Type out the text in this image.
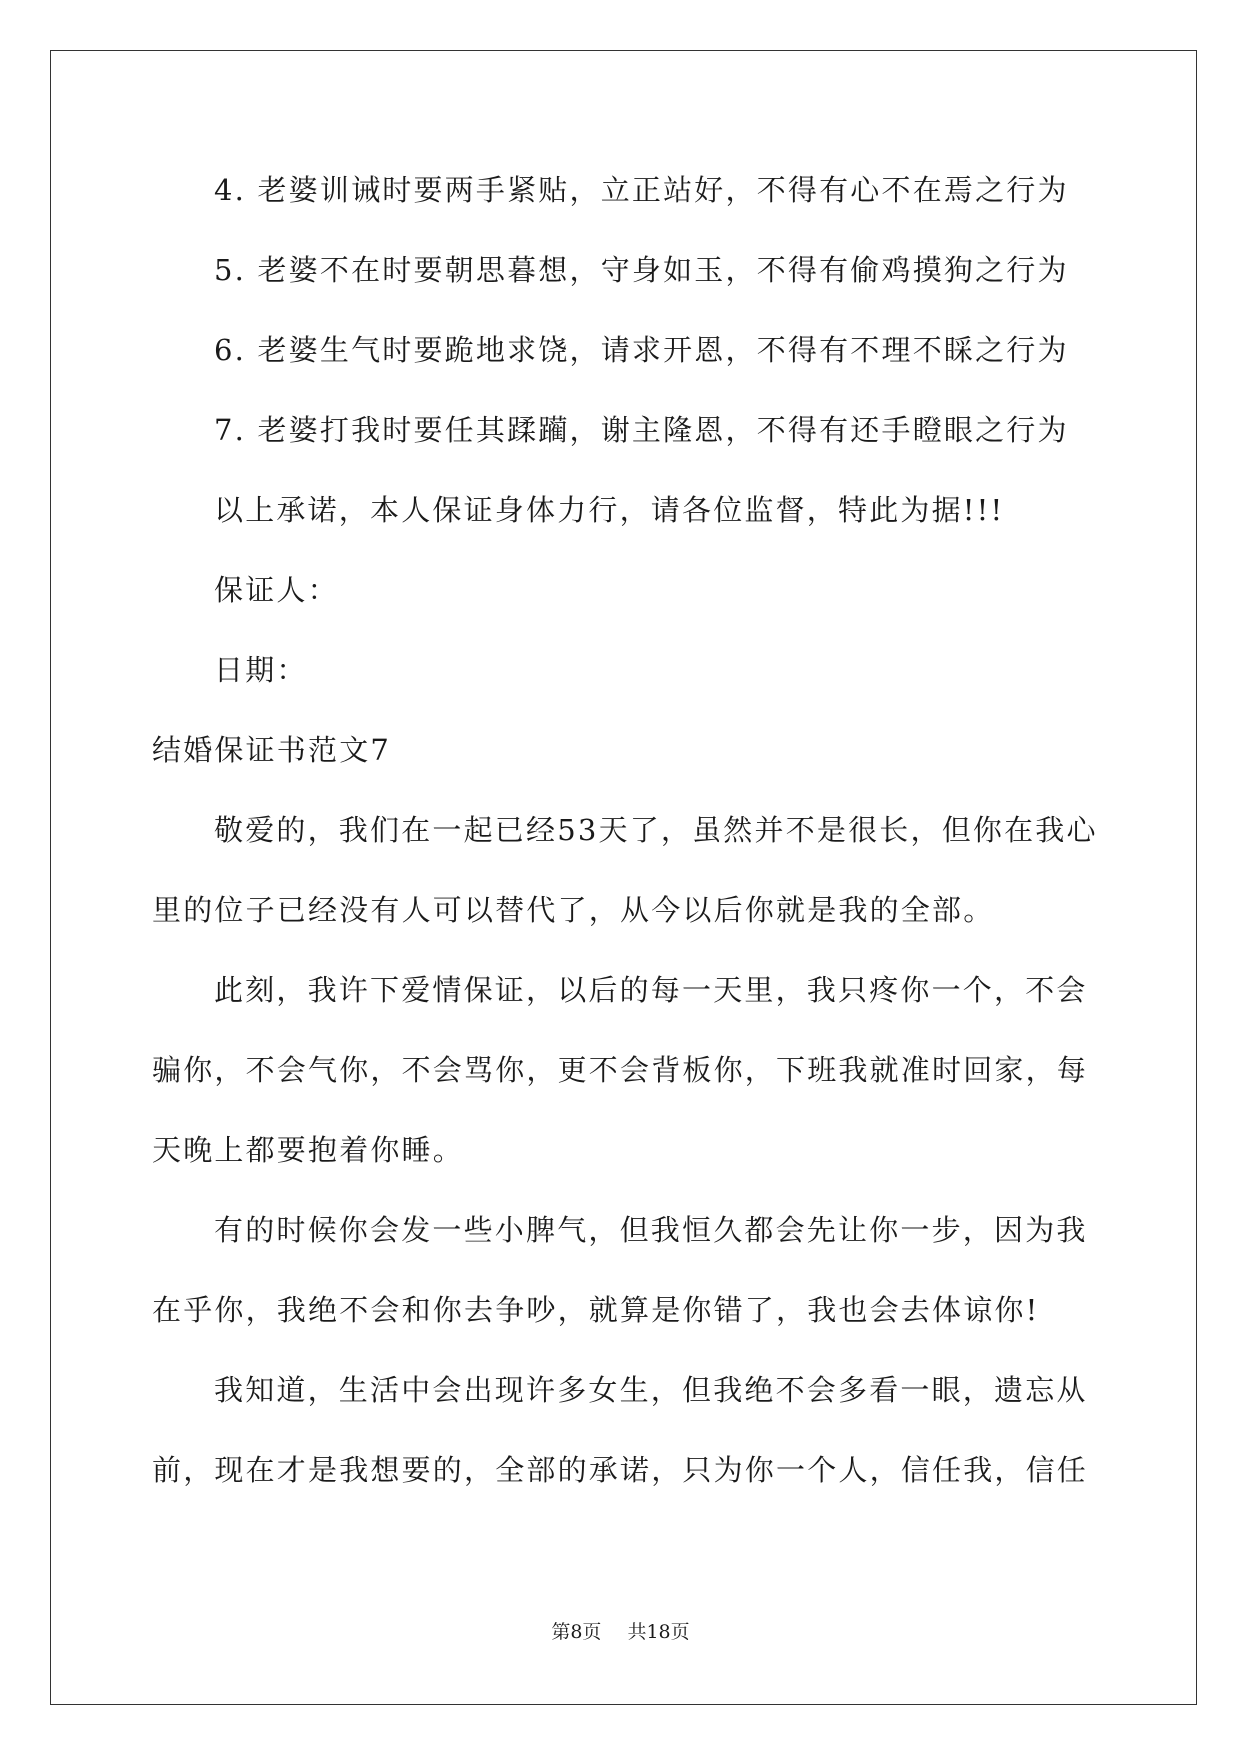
4. 老婆训诫时要两手紧贴，立正站好，不得有心不在焉之行为
5. 老婆不在时要朝思暮想，守身如玉，不得有偷鸡摸狗之行为
6. 老婆生气时要跪地求饶，请求开恩，不得有不理不睬之行为
7. 老婆打我时要任其蹂躏，谢主隆恩，不得有还手瞪眼之行为
以上承诺，本人保证身体力行，请各位监督，特此为据!!!
保证人：
日期：
结婚保证书范文7
敬爱的，我们在一起已经53天了，虽然并不是很长，但你在我心
里的位子已经没有人可以替代了，从今以后你就是我的全部。
此刻，我许下爱情保证，以后的每一天里，我只疼你一个，不会
骗你，不会气你，不会骂你，更不会背板你，下班我就准时回家，每
天晚上都要抱着你睡。
有的时候你会发一些小脾气，但我恒久都会先让你一步，因为我
在乎你，我绝不会和你去争吵，就算是你错了，我也会去体谅你!
我知道，生活中会出现许多女生，但我绝不会多看一眼，遗忘从
前，现在才是我想要的，全部的承诺，只为你一个人，信任我，信任
第8页 共18页
